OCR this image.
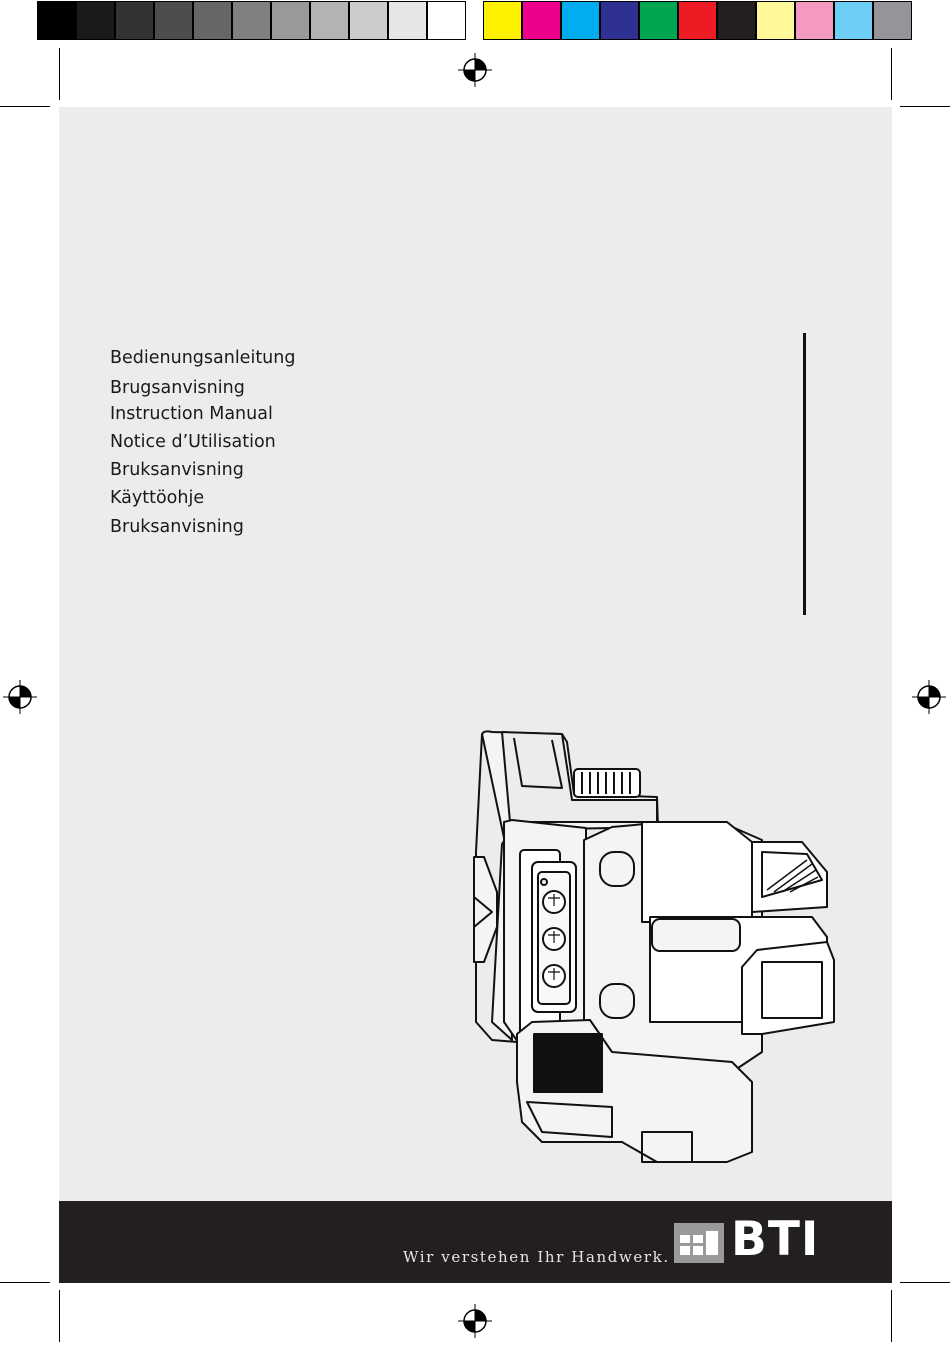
Bedienungsanleitung
Brugsanvisning
Instruction Manual
Notice d’Utilisation
Bruksanvisning
Käyttöohje
Bruksanvisning
Wir verstehen Ihr Handwerk. BTI
